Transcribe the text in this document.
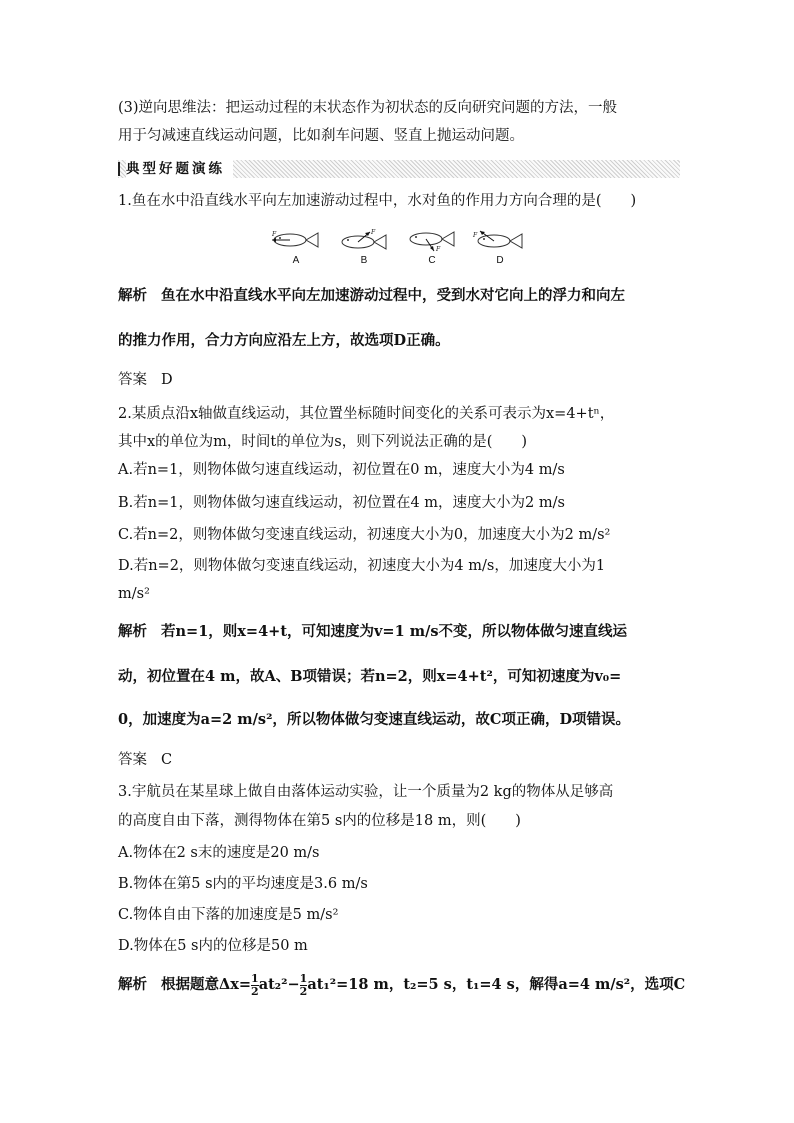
(3)逆向思维法：把运动过程的末状态作为初状态的反向研究问题的方法，一般
用于匀减速直线运动问题，比如刹车问题、竖直上抛运动问题。
典型好题演练
1.鱼在水中沿直线水平向左加速游动过程中，水对鱼的作用力方向合理的是(　　)
F
A
F
B
F
C
F
D
解析 鱼在水中沿直线水平向左加速游动过程中，受到水对它向上的浮力和向左
的推力作用，合力方向应沿左上方，故选项D正确。
答案 D
2.某质点沿x轴做直线运动，其位置坐标随时间变化的关系可表示为x=4+tⁿ，
其中x的单位为m，时间t的单位为s，则下列说法正确的是(　　)
A.若n=1，则物体做匀速直线运动，初位置在0 m，速度大小为4 m/s
B.若n=1，则物体做匀速直线运动，初位置在4 m，速度大小为2 m/s
C.若n=2，则物体做匀变速直线运动，初速度大小为0，加速度大小为2 m/s²
D.若n=2，则物体做匀变速直线运动，初速度大小为4 m/s，加速度大小为1
m/s²
解析 若n=1，则x=4+t，可知速度为v=1 m/s不变，所以物体做匀速直线运
动，初位置在4 m，故A、B项错误；若n=2，则x=4+t²，可知初速度为v₀=
0，加速度为a=2 m/s²，所以物体做匀变速直线运动，故C项正确，D项错误。
答案 C
3.宇航员在某星球上做自由落体运动实验，让一个质量为2 kg的物体从足够高
的高度自由下落，测得物体在第5 s内的位移是18 m，则(　　)
A.物体在2 s末的速度是20 m/s
B.物体在第5 s内的平均速度是3.6 m/s
C.物体自由下落的加速度是5 m/s²
D.物体在5 s内的位移是50 m
解析 根据题意$\Delta x= \frac{1}{2} at_2^2- \frac{1}{2} at_1^2=18$ m，t₂=5 s，t₁=4 s，解得a=4 m/s²，选项C
